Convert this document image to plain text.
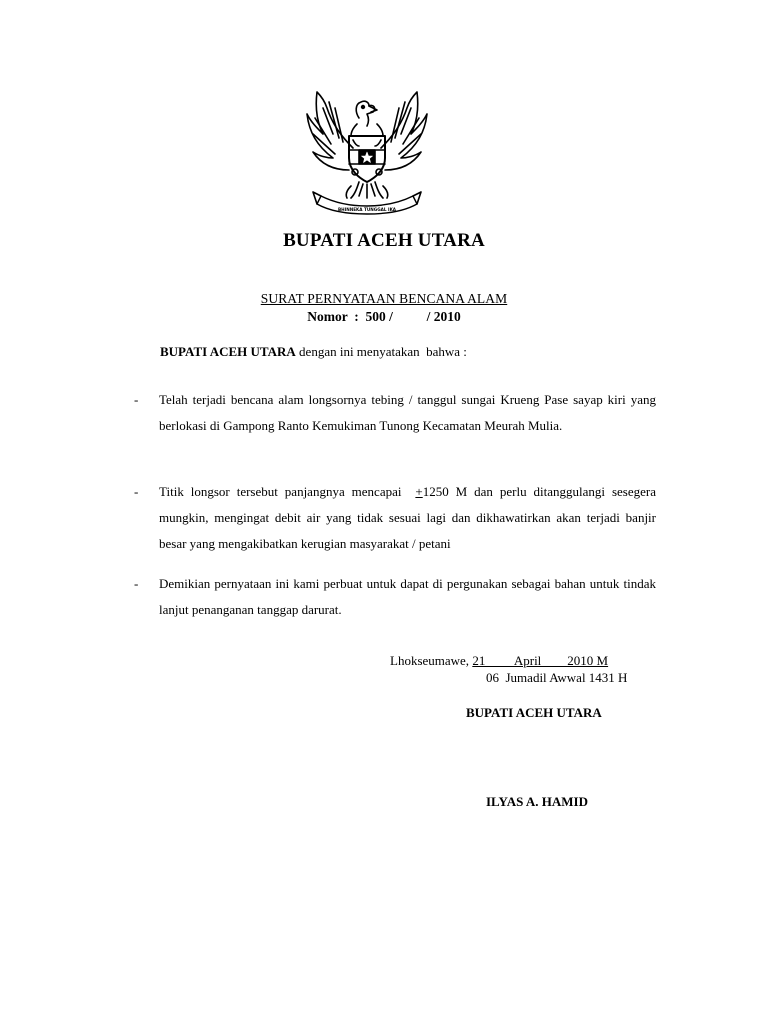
BHINNEKA TUNGGAL IKA
BUPATI ACEH UTARA
SURAT PERNYATAAN BENCANA ALAM
Nomor  :  500 /          / 2010
BUPATI ACEH UTARA dengan ini menyatakan  bahwa :
-	Telah terjadi bencana alam longsornya tebing / tanggul sungai Krueng Pase sayap kiri yang berlokasi di Gampong Ranto Kemukiman Tunong Kecamatan Meurah Mulia.
-	Titik longsor tersebut panjangnya mencapai  +1250 M dan perlu ditanggulangi sesegera mungkin, mengingat debit air yang tidak sesuai lagi dan dikhawatirkan akan terjadi banjir besar yang mengakibatkan kerugian masyarakat / petani
-	Demikian pernyataan ini kami perbuat untuk dapat di pergunakan sebagai bahan untuk tindak lanjut penanganan tanggap darurat.
Lhokseumawe, 21         April        2010 M
06  Jumadil Awwal 1431 H
BUPATI ACEH UTARA
ILYAS A. HAMID
